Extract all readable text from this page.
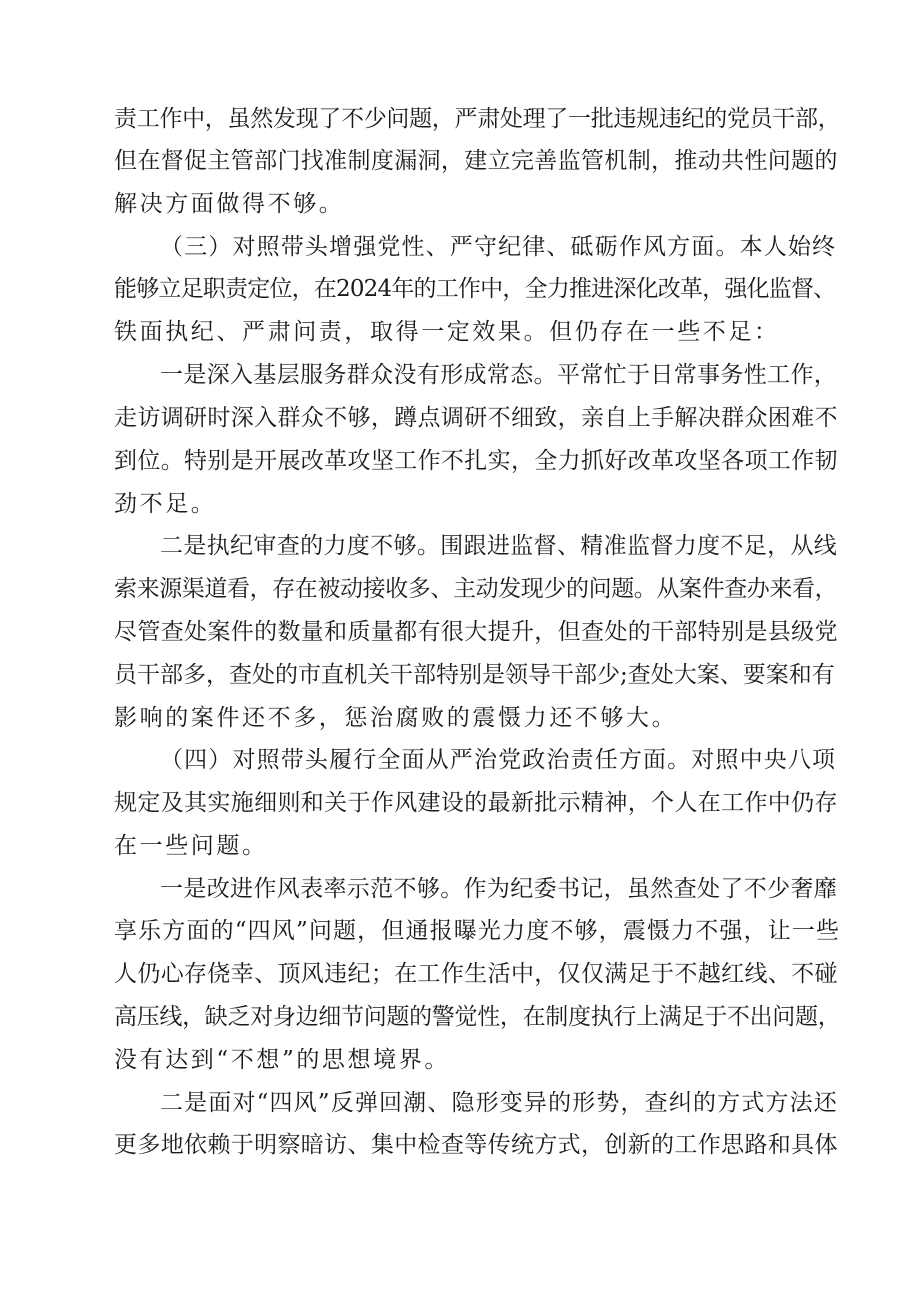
责工作中，虽然发现了不少问题，严肃处理了一批违规违纪的党员干部，
但在督促主管部门找准制度漏洞，建立完善监管机制，推动共性问题的
解决方面做得不够。
（三）对照带头增强党性、严守纪律、砥砺作风方面。本人始终
能够立足职责定位，在2024年的工作中，全力推进深化改革，强化监督、
铁面执纪、严肃问责，取得一定效果。但仍存在一些不足：
一是深入基层服务群众没有形成常态。平常忙于日常事务性工作，
走访调研时深入群众不够，蹲点调研不细致，亲自上手解决群众困难不
到位。特别是开展改革攻坚工作不扎实，全力抓好改革攻坚各项工作韧
劲不足。
二是执纪审查的力度不够。围跟进监督、精准监督力度不足，从线
索来源渠道看，存在被动接收多、主动发现少的问题。从案件查办来看，
尽管查处案件的数量和质量都有很大提升，但查处的干部特别是县级党
员干部多，查处的市直机关干部特别是领导干部少;查处大案、要案和有
影响的案件还不多，惩治腐败的震慑力还不够大。
（四）对照带头履行全面从严治党政治责任方面。对照中央八项
规定及其实施细则和关于作风建设的最新批示精神，个人在工作中仍存
在一些问题。
一是改进作风表率示范不够。作为纪委书记，虽然查处了不少奢靡
享乐方面的“四风”问题，但通报曝光力度不够，震慑力不强，让一些
人仍心存侥幸、顶风违纪；在工作生活中，仅仅满足于不越红线、不碰
高压线，缺乏对身边细节问题的警觉性，在制度执行上满足于不出问题，
没有达到“不想”的思想境界。
二是面对“四风”反弹回潮、隐形变异的形势，查纠的方式方法还
更多地依赖于明察暗访、集中检查等传统方式，创新的工作思路和具体
